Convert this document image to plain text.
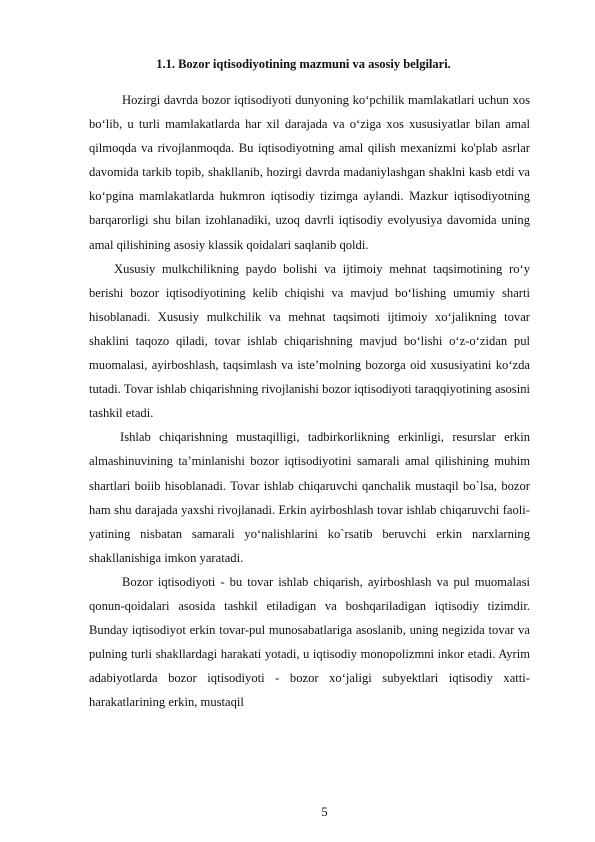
1.1. Bozor iqtisodiyotining mazmuni va asosiy belgilari.

Hozirgi davrda bozor iqtisodiyoti dunyoning ko‘pchilik mamlakatlari uchun xos bo‘lib, u turli mamlakatlarda har xil darajada va o‘ziga xos xususiyatlar bilan amal qilmoqda va rivojlanmoqda. Bu iqtisodiyotning amal qilish mexanizmi ko'plab asrlar davomida tarkib topib, shakllanib, hozirgi davrda madaniylashgan shaklni kasb etdi va ko‘pgina mamlakatlarda hukmron iqtisodiy tizimga aylandi. Mazkur iqtisodiyotning barqarorligi shu bilan izohlanadiki, uzoq davrli iqtisodiy evolyusiya davomida uning amal qilishining asosiy klassik qoidalari saqlanib qoldi.

Xususiy mulkchilikning paydo bolishi va ijtimoiy mehnat taqsimotining ro‘y berishi bozor iqtisodiyotining kelib chiqishi va mavjud bo‘lishing umumiy sharti hisoblanadi. Xususiy mulkchilik va mehnat taqsimoti ijtimoiy xo‘jalikning tovar shaklini taqozo qiladi, tovar ishlab chiqarishning mavjud bo‘lishi o‘z-o‘zidan pul muomalasi, ayirboshlash, taqsimlash va iste’molning bozorga oid xususiyatini ko‘zda tutadi. Tovar ishlab chiqarishning rivojlanishi bozor iqtisodiyoti taraqqiyotining asosini tashkil etadi.

Ishlab chiqarishning mustaqilligi, tadbirkorlikning erkinligi, resurslar erkin almashinuvining ta’minlanishi bozor iqtisodiyotini samarali amal qilishining muhim shartlari boiib hisoblanadi. Tovar ishlab chiqaruvchi qanchalik mustaqil bo`lsa, bozor ham shu darajada yaxshi rivojlanadi. Erkin ayirboshlash tovar ishlab chiqaruvchi faoli- yatining nisbatan samarali yo‘nalishlarini ko`rsatib beruvchi erkin narxlarning shakllanishiga imkon yaratadi.

Bozor iqtisodiyoti - bu tovar ishlab chiqarish, ayirboshlash va pul muomalasi qonun-qoidalari asosida tashkil etiladigan va boshqariladigan iqtisodiy tizimdir. Bunday iqtisodiyot erkin tovar-pul munosabatlariga asoslanib, uning negizida tovar va pulning turli shakllardagi harakati yotadi, u iqtisodiy monopolizmni inkor etadi. Ayrim adabiyotlarda bozor iqtisodiyoti - bozor xo‘jaligi subyektlari iqtisodiy xatti-harakatlarining erkin, mustaqil

5
